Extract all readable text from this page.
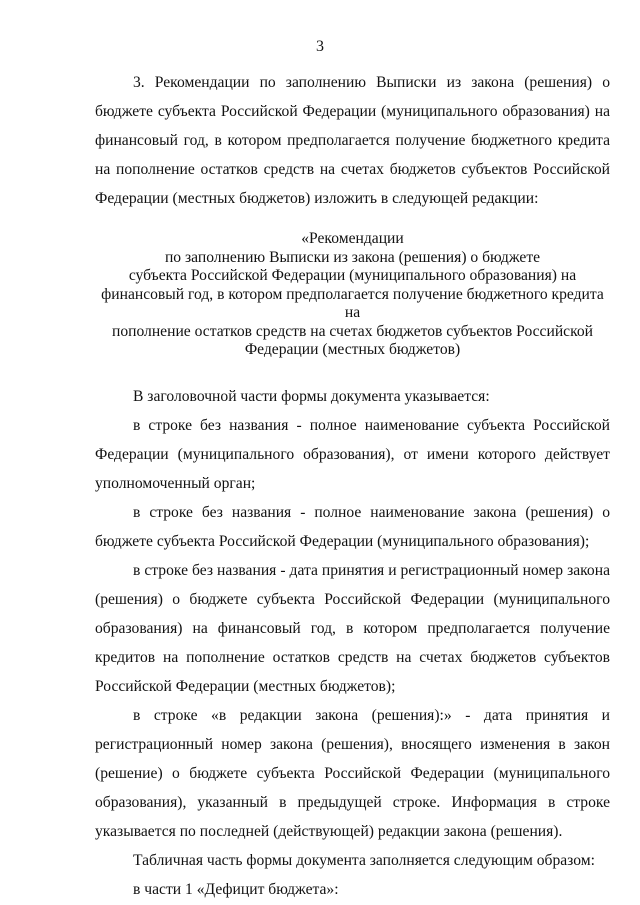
3

3. Рекомендации по заполнению Выписки из закона (решения) о бюджете субъекта Российской Федерации (муниципального образования) на финансовый год, в котором предполагается получение бюджетного кредита на пополнение остатков средств на счетах бюджетов субъектов Российской Федерации (местных бюджетов) изложить в следующей редакции:

«Рекомендации
по заполнению Выписки из закона (решения) о бюджете
субъекта Российской Федерации (муниципального образования) на
финансовый год, в котором предполагается получение бюджетного кредита на
пополнение остатков средств на счетах бюджетов субъектов Российской
Федерации (местных бюджетов)

В заголовочной части формы документа указывается:

в строке без названия - полное наименование субъекта Российской Федерации (муниципального образования), от имени которого действует уполномоченный орган;

в строке без названия - полное наименование закона (решения) о бюджете субъекта Российской Федерации (муниципального образования);

в строке без названия - дата принятия и регистрационный номер закона (решения) о бюджете субъекта Российской Федерации (муниципального образования) на финансовый год, в котором предполагается получение кредитов на пополнение остатков средств на счетах бюджетов субъектов Российской Федерации (местных бюджетов);

в строке «в редакции закона (решения):» - дата принятия и регистрационный номер закона (решения), вносящего изменения в закон (решение) о бюджете субъекта Российской Федерации (муниципального образования), указанный в предыдущей строке. Информация в строке указывается по последней (действующей) редакции закона (решения).

Табличная часть формы документа заполняется следующим образом:

в части 1 «Дефицит бюджета»:
